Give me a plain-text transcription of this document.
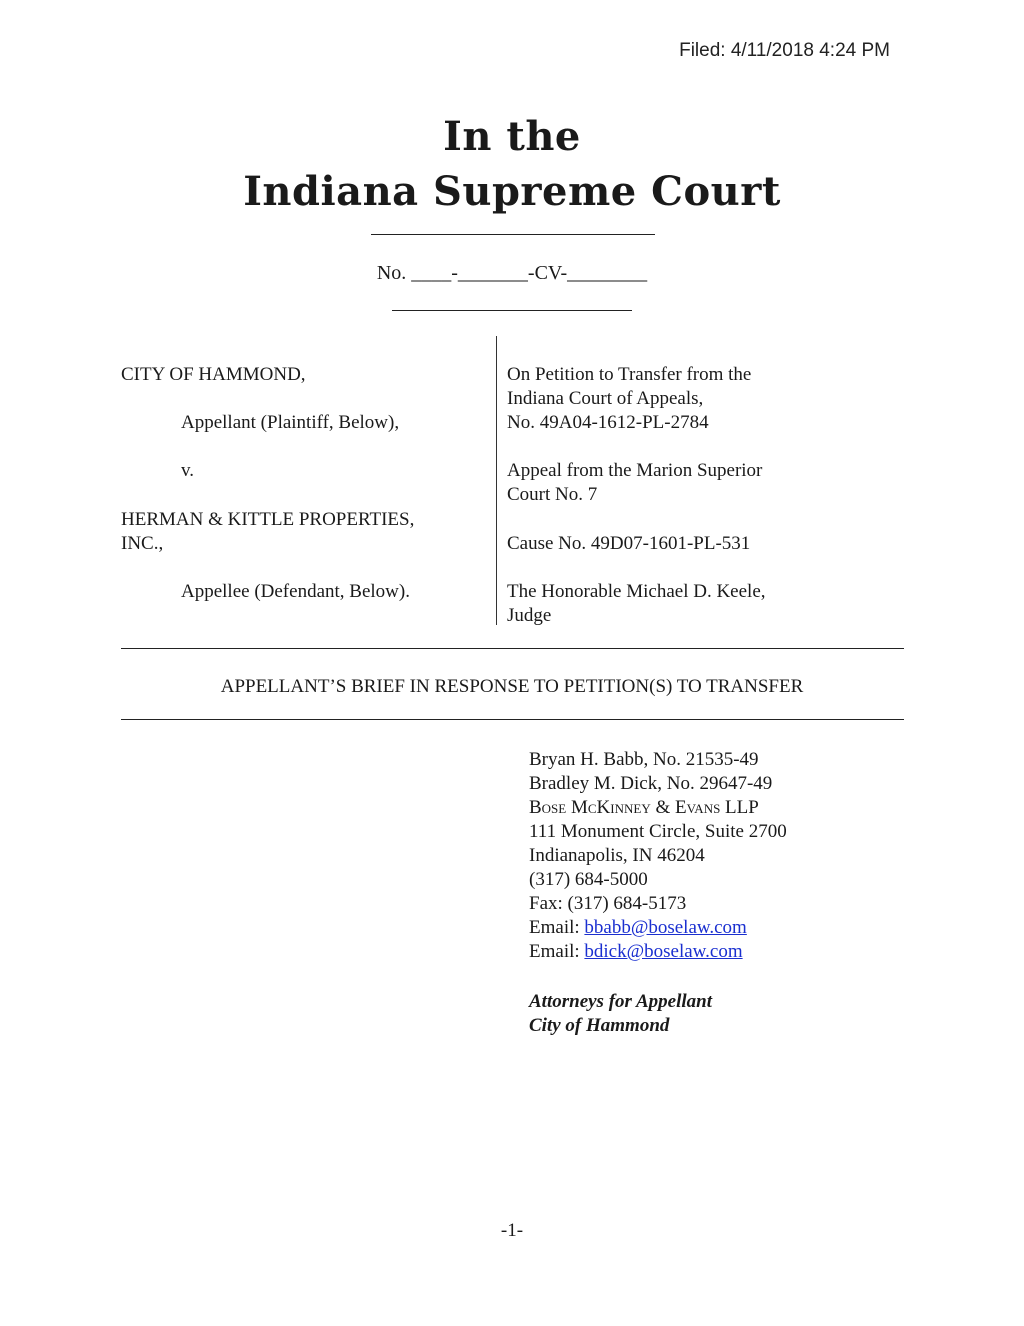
Filed: 4/11/2018 4:24 PM
In the
Indiana Supreme Court
No. ____-_______-CV-________
CITY OF HAMMOND,
Appellant (Plaintiff, Below),
v.
HERMAN & KITTLE PROPERTIES,
INC.,
Appellee (Defendant, Below).
On Petition to Transfer from the
Indiana Court of Appeals,
No. 49A04-1612-PL-2784
Appeal from the Marion Superior
Court No. 7
Cause No. 49D07-1601-PL-531
The Honorable Michael D. Keele,
Judge
APPELLANT’S BRIEF IN RESPONSE TO PETITION(S) TO TRANSFER
Bryan H. Babb, No. 21535-49
Bradley M. Dick, No. 29647-49
Bose McKinney & Evans LLP
111 Monument Circle, Suite 2700
Indianapolis, IN 46204
(317) 684-5000
Fax: (317) 684-5173
Email: bbabb@boselaw.com
Email: bdick@boselaw.com
Attorneys for Appellant
City of Hammond
-1-
